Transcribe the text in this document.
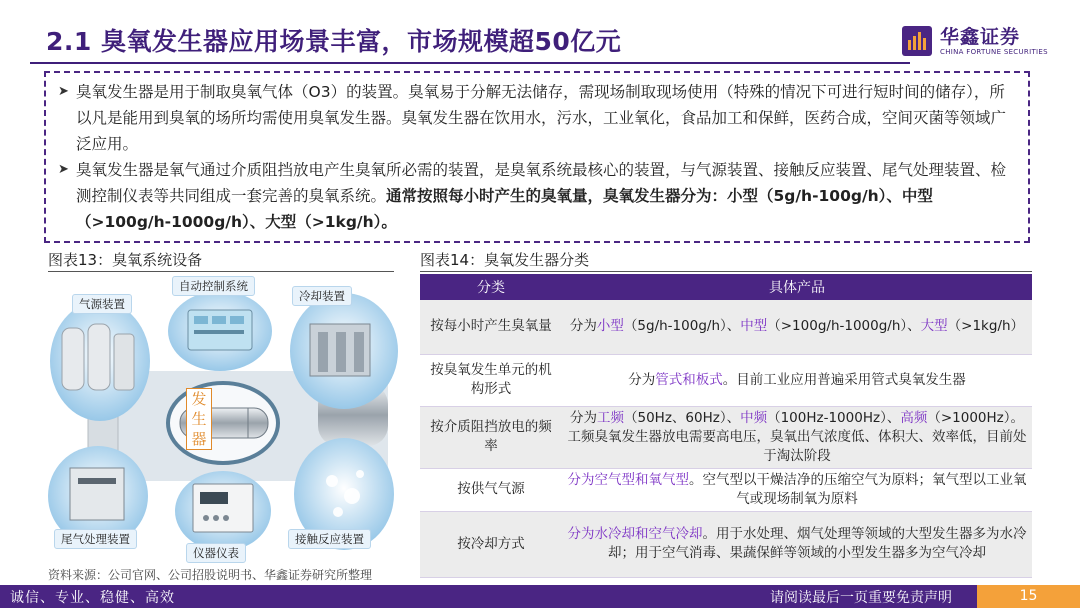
2.1 臭氧发生器应用场景丰富，市场规模超50亿元	华鑫证券
CHINA FORTUNE SECURITIES

➤ 臭氧发生器是用于制取臭氧气体（O3）的装置。臭氧易于分解无法储存，需现场制取现场使用（特殊的情况下可进行短时间的储存），所以凡是能用到臭氧的场所均需使用臭氧发生器。臭氧发生器在饮用水，污水，工业氧化，食品加工和保鲜，医药合成，空间灭菌等领域广泛应用。

➤ 臭氧发生器是氧气通过介质阻挡放电产生臭氧所必需的装置，是臭氧系统最核心的装置，与气源装置、接触反应装置、尾气处理装置、检测控制仪表等共同组成一套完善的臭氧系统。通常按照每小时产生的臭氧量，臭氧发生器分为：小型（5g/h-100g/h）、中型（>100g/h-1000g/h）、大型（>1kg/h）。

图表13：臭氧系统设备	图表14：臭氧发生器分类
气源装置
自动控制系统
冷却装置
发生器
尾气处理装置
仪器仪表
接触反应装置
资料来源：公司官网、公司招股说明书、华鑫证券研究所整理
分类	具体产品
按每小时产生臭氧量	分为小型（5g/h-100g/h）、中型（>100g/h-1000g/h）、大型（>1kg/h）
按臭氧发生单元的机构形式	分为管式和板式。目前工业应用普遍采用管式臭氧发生器
按介质阻挡放电的频率	分为工频（50Hz、60Hz）、中频（100Hz-1000Hz）、高频（>1000Hz）。工频臭氧发生器放电需要高电压，臭氧出气浓度低、体积大、效率低，目前处于淘汰阶段
按供气气源	分为空气型和氧气型。空气型以干燥洁净的压缩空气为原料；氧气型以工业氧气或现场制氧为原料
按冷却方式	分为水冷却和空气冷却。用于水处理、烟气处理等领域的大型发生器多为水冷却；用于空气消毒、果蔬保鲜等领域的小型发生器多为空气冷却
诚信、专业、稳健、高效	请阅读最后一页重要免责声明	15
